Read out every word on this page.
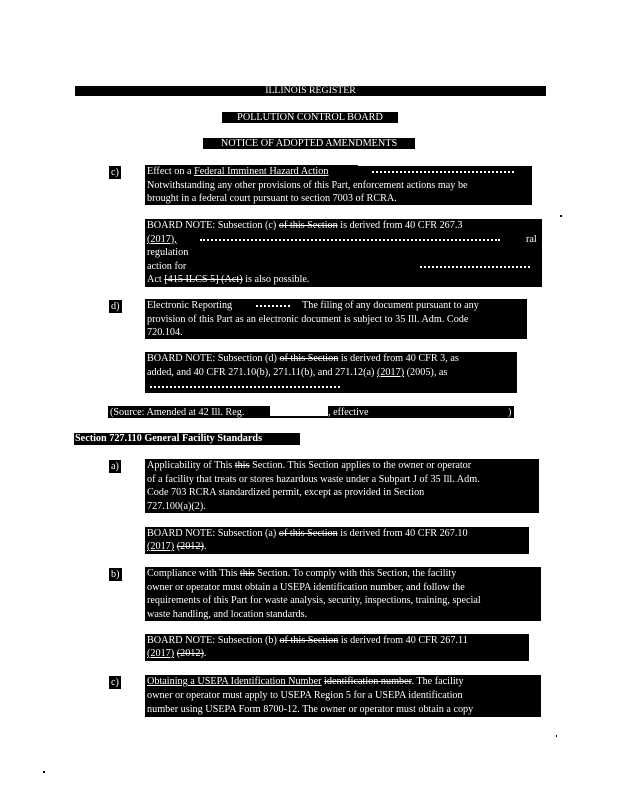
ILLINOIS REGISTER
POLLUTION CONTROL BOARD
NOTICE OF ADOPTED AMENDMENTS
c)	Effect on a Federal Imminent Hazard Action
Notwithstanding any other provisions of this Part, enforcement actions may be
brought in a federal court pursuant to section 7003 of RCRA.
BOARD NOTE: Subsection (c) of this Section is derived from 40 CFR 267.3
(2017),	ral
regulation
action for
Act [415 ILCS 5] (Act) is also possible.
d)	Electronic Reporting	The filing of any document pursuant to any
provision of this Part as an electronic document is subject to 35 Ill. Adm. Code
720.104.
BOARD NOTE: Subsection (d) of this Section is derived from 40 CFR 3, as
added, and 40 CFR 271.10(b), 271.11(b), and 271.12(a) (2017) (2005), as
(Source: Amended at 42 Ill. Reg.	, effective	)
Section 727.110 General Facility Standards
a)	Applicability of This this Section. This Section applies to the owner or operator
of a facility that treats or stores hazardous waste under a Subpart J of 35 Ill. Adm.
Code 703 RCRA standardized permit, except as provided in Section
727.100(a)(2).
BOARD NOTE: Subsection (a) of this Section is derived from 40 CFR 267.10
(2017) (2012).
b)	Compliance with This this Section. To comply with this Section, the facility
owner or operator must obtain a USEPA identification number, and follow the
requirements of this Part for waste analysis, security, inspections, training, special
waste handling, and location standards.
BOARD NOTE: Subsection (b) of this Section is derived from 40 CFR 267.11
(2017) (2012).
c)	Obtaining a USEPA Identification Number identification number. The facility
owner or operator must apply to USEPA Region 5 for a USEPA identification
number using USEPA Form 8700-12. The owner or operator must obtain a copy
